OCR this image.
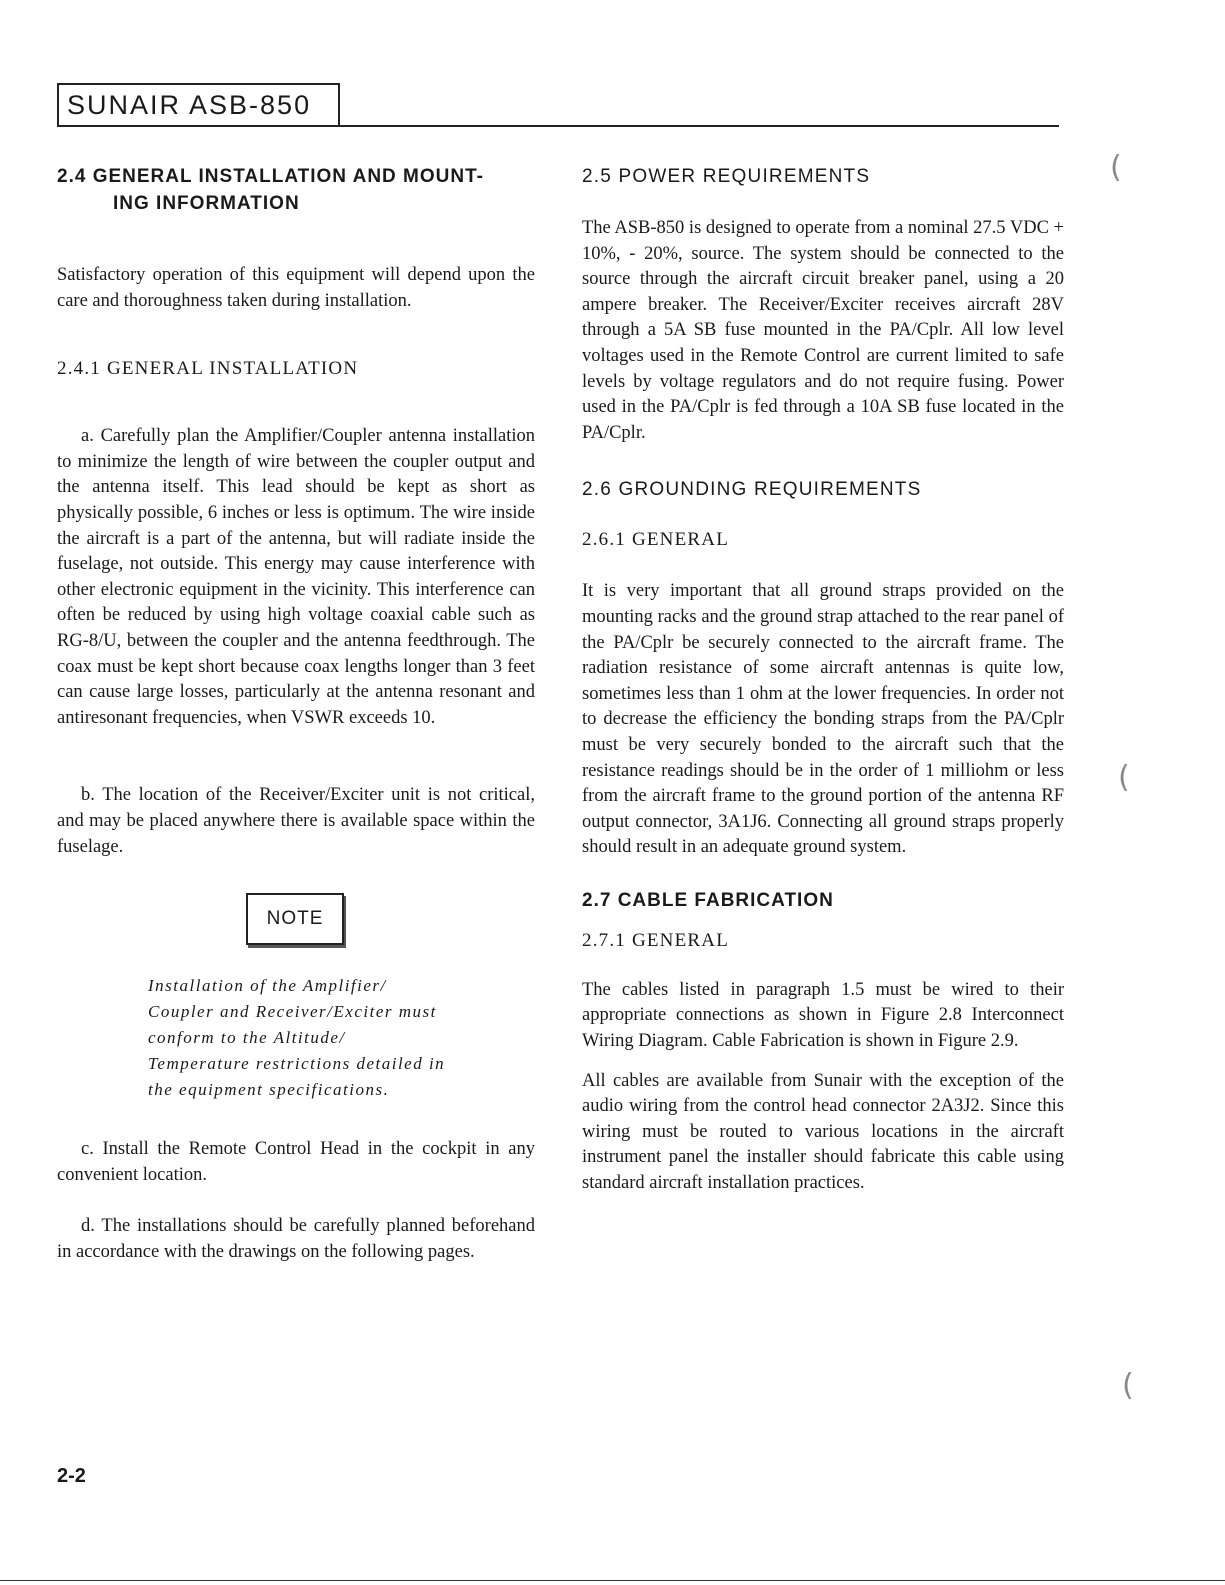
SUNAIR ASB-850
2.4 GENERAL INSTALLATION AND MOUNT-
ING INFORMATION

Satisfactory operation of this equipment will depend upon the care and thoroughness taken during installation.

2.4.1 GENERAL INSTALLATION

a. Carefully plan the Amplifier/Coupler antenna installation to minimize the length of wire between the coupler output and the antenna itself. This lead should be kept as short as physically possible, 6 inches or less is optimum. The wire inside the aircraft is a part of the antenna, but will radiate inside the fuselage, not outside. This energy may cause interference with other electronic equipment in the vicinity. This interference can often be reduced by using high voltage coaxial cable such as RG-8/U, between the coupler and the antenna feedthrough. The coax must be kept short because coax lengths longer than 3 feet can cause large losses, particularly at the antenna resonant and antiresonant frequencies, when VSWR exceeds 10.

b. The location of the Receiver/Exciter unit is not critical, and may be placed anywhere there is available space within the fuselage.

NOTE

Installation of the Amplifier/ Coupler and Receiver/Exciter must conform to the Altitude/ Temperature restrictions detailed in the equipment specifications.

c. Install the Remote Control Head in the cockpit in any convenient location.

d. The installations should be carefully planned beforehand in accordance with the drawings on the following pages.

2.5 POWER REQUIREMENTS

The ASB-850 is designed to operate from a nominal 27.5 VDC + 10%, - 20%, source. The system should be connected to the source through the aircraft circuit breaker panel, using a 20 ampere breaker. The Receiver/Exciter receives aircraft 28V through a 5A SB fuse mounted in the PA/Cplr. All low level voltages used in the Remote Control are current limited to safe levels by voltage regulators and do not require fusing. Power used in the PA/Cplr is fed through a 10A SB fuse located in the PA/Cplr.

2.6 GROUNDING REQUIREMENTS
2.6.1 GENERAL

It is very important that all ground straps provided on the mounting racks and the ground strap attached to the rear panel of the PA/Cplr be securely connected to the aircraft frame. The radiation resistance of some aircraft antennas is quite low, sometimes less than 1 ohm at the lower frequencies. In order not to decrease the efficiency the bonding straps from the PA/Cplr must be very securely bonded to the aircraft such that the resistance readings should be in the order of 1 milliohm or less from the aircraft frame to the ground portion of the antenna RF output connector, 3A1J6. Connecting all ground straps properly should result in an adequate ground system.

2.7 CABLE FABRICATION
2.7.1 GENERAL

The cables listed in paragraph 1.5 must be wired to their appropriate connections as shown in Figure 2.8 Interconnect Wiring Diagram. Cable Fabrication is shown in Figure 2.9.

All cables are available from Sunair with the exception of the audio wiring from the control head connector 2A3J2. Since this wiring must be routed to various locations in the aircraft instrument panel the installer should fabricate this cable using standard aircraft installation practices.

2-2
(
(
(
